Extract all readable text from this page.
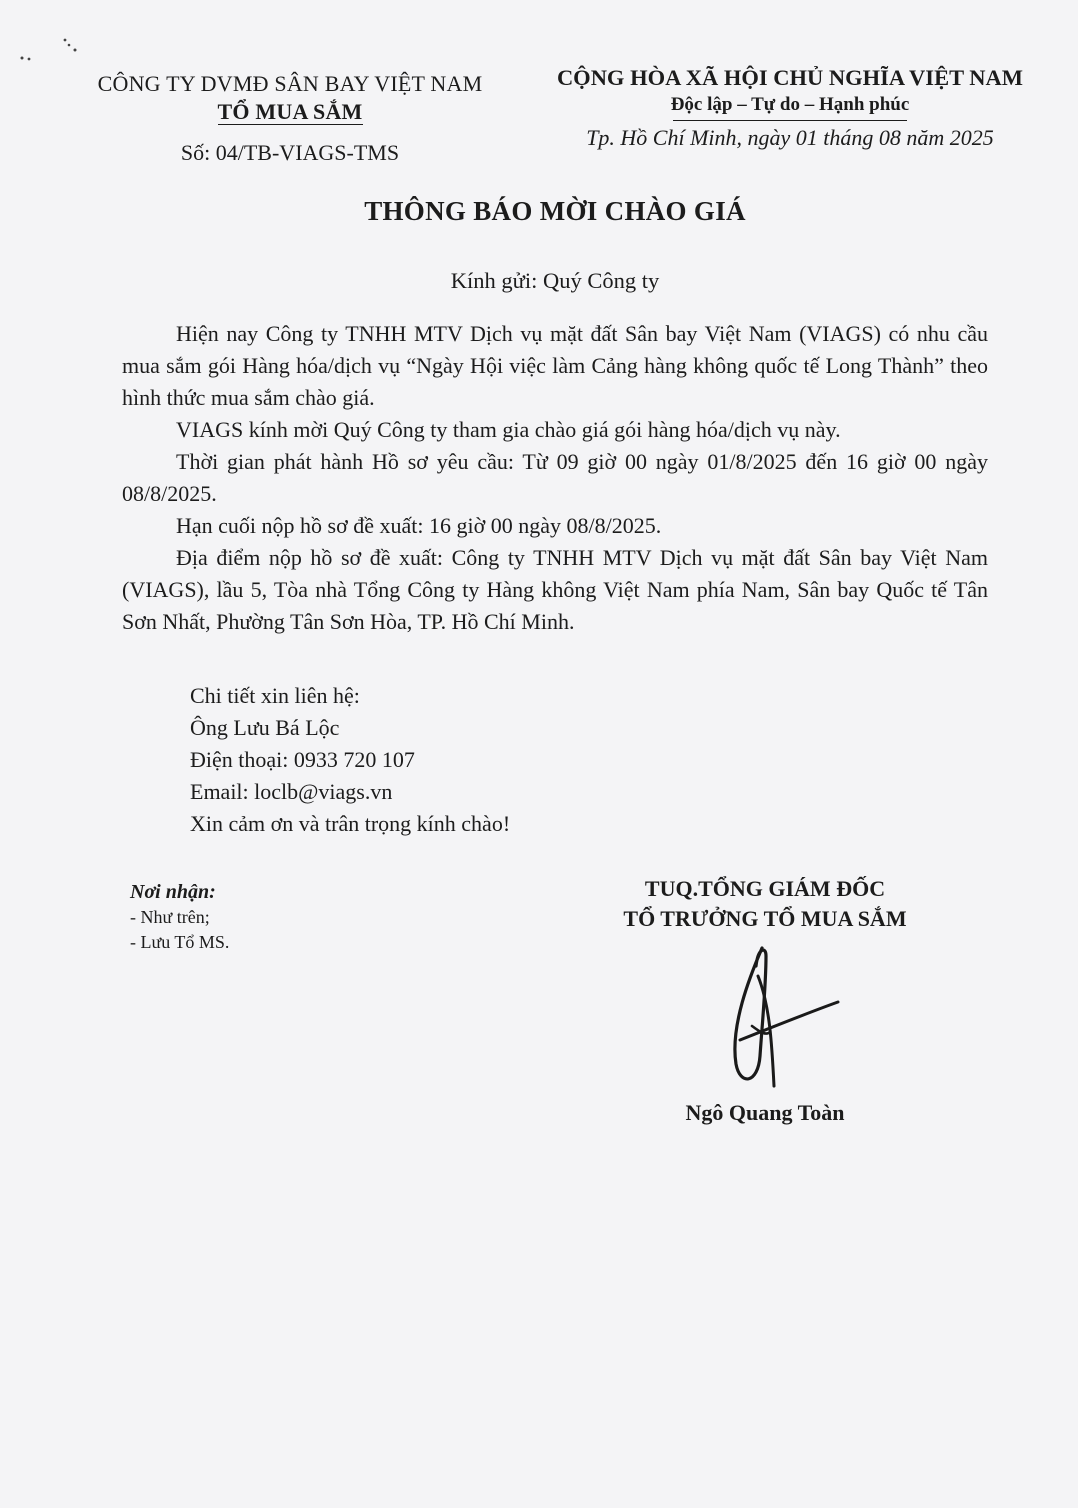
CÔNG TY DVMĐ SÂN BAY VIỆT NAM
TỔ MUA SẮM
Số: 04/TB-VIAGS-TMS
CỘNG HÒA XÃ HỘI CHỦ NGHĨA VIỆT NAM
Độc lập – Tự do – Hạnh phúc
Tp. Hồ Chí Minh, ngày 01 tháng 08 năm 2025
THÔNG BÁO MỜI CHÀO GIÁ
Kính gửi: Quý Công ty

Hiện nay Công ty TNHH MTV Dịch vụ mặt đất Sân bay Việt Nam (VIAGS) có nhu cầu mua sắm gói Hàng hóa/dịch vụ “Ngày Hội việc làm Cảng hàng không quốc tế Long Thành” theo hình thức mua sắm chào giá.

VIAGS kính mời Quý Công ty tham gia chào giá gói hàng hóa/dịch vụ này.

Thời gian phát hành Hồ sơ yêu cầu: Từ 09 giờ 00 ngày 01/8/2025 đến 16 giờ 00 ngày 08/8/2025.

Hạn cuối nộp hồ sơ đề xuất: 16 giờ 00 ngày 08/8/2025.

Địa điểm nộp hồ sơ đề xuất: Công ty TNHH MTV Dịch vụ mặt đất Sân bay Việt Nam (VIAGS), lầu 5, Tòa nhà Tổng Công ty Hàng không Việt Nam phía Nam, Sân bay Quốc tế Tân Sơn Nhất, Phường Tân Sơn Hòa, TP. Hồ Chí Minh.

Chi tiết xin liên hệ:
Ông Lưu Bá Lộc
Điện thoại: 0933 720 107
Email: loclb@viags.vn
Xin cảm ơn và trân trọng kính chào!
Nơi nhận:
- Như trên;
- Lưu Tổ MS.
TUQ.TỔNG GIÁM ĐỐC
TỔ TRƯỞNG TỔ MUA SẮM
Ngô Quang Toàn
